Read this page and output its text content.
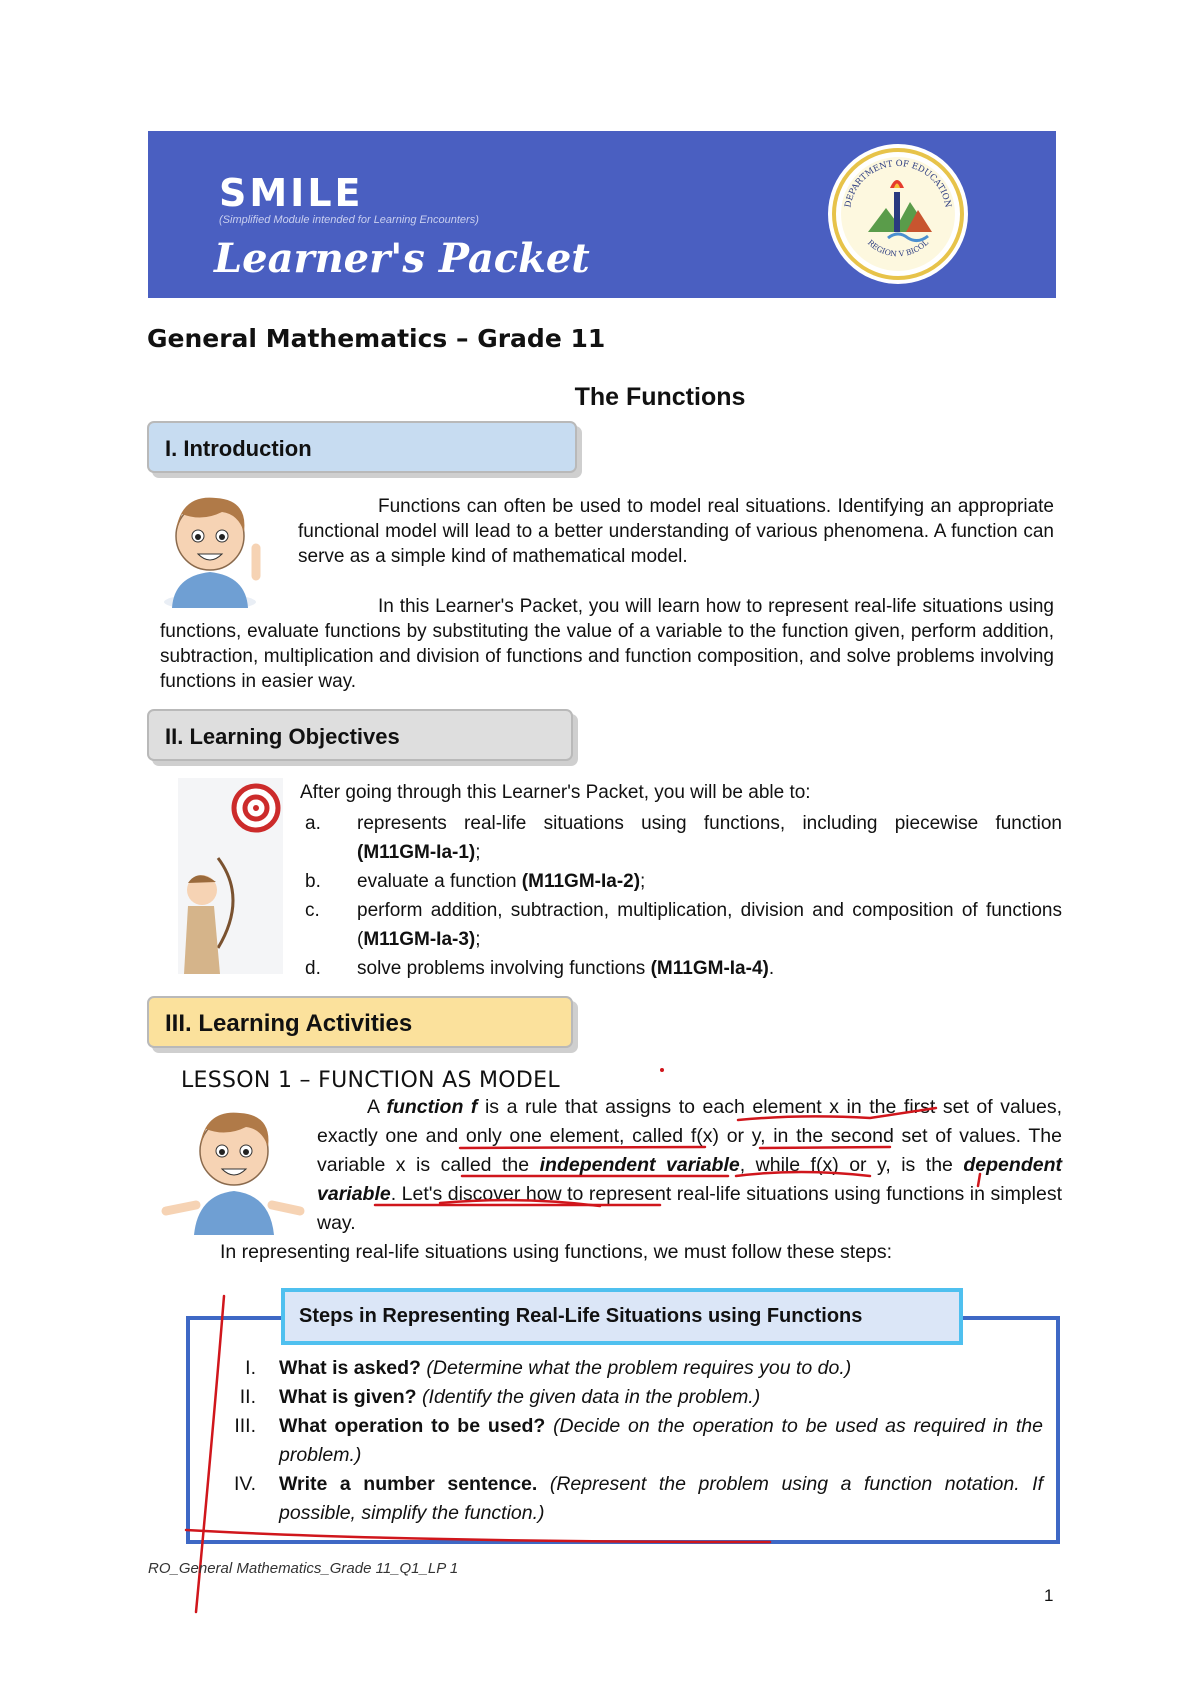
SMILE
(Simplified Module intended for Learning Encounters)
Learner's Packet
DEPARTMENT OF EDUCATION
REGION V BICOL
General Mathematics – Grade 11
The Functions
I. Introduction
Functions can often be used to model real situations. Identifying an appropriate functional model will lead to a better understanding of various phenomena. A function can serve as a simple kind of mathematical model.
In this Learner's Packet, you will learn how to represent real-life situations using functions, evaluate functions by substituting the value of a variable to the function given, perform addition, subtraction, multiplication and division of functions and function composition, and solve problems involving functions in easier way.
II. Learning Objectives
After going through this Learner's Packet, you will be able to:
a. represents real-life situations using functions, including piecewise function (M11GM-Ia-1);
b. evaluate a function (M11GM-Ia-2);
c. perform addition, subtraction, multiplication, division and composition of functions (M11GM-Ia-3);
d. solve problems involving functions (M11GM-Ia-4).
III. Learning Activities
LESSON 1 – FUNCTION AS MODEL
A function f is a rule that assigns to each element x in the first set of values, exactly one and only one element, called f(x) or y, in the second set of values. The variable x is called the independent variable, while f(x) or y, is the dependent variable. Let's discover how to represent real-life situations using functions in simplest way.
In representing real-life situations using functions, we must follow these steps:
Steps in Representing Real-Life Situations using Functions
I. What is asked? (Determine what the problem requires you to do.)
II. What is given? (Identify the given data in the problem.)
III. What operation to be used? (Decide on the operation to be used as required in the problem.)
IV. Write a number sentence. (Represent the problem using a function notation. If possible, simplify the function.)
RO_General Mathematics_Grade 11_Q1_LP 1
1
